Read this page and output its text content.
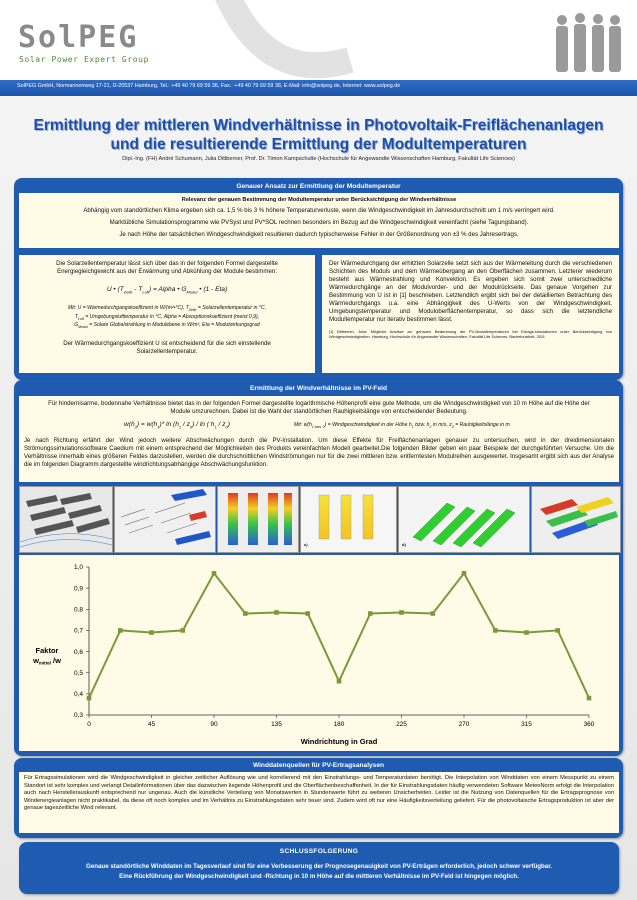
SolPEG
Solar Power Expert Group
SolPEG GmbH, Normannenweg 17-21, D-20537 Hamburg, Tel.: +49 40 79 69 59 36, Fax.: +49 40 79 69 59 38, E-Mail: info@solpeg.de, Internet: www.solpeg.de
Ermittlung der mittleren Windverhältnisse in Photovoltaik-Freiflächenanlagen
und die resultierende Ermittlung der Modultemperaturen
Dipl.-Ing. (FH) André Schumann, Julia Dittberner, Prof. Dr. Timon Kampschulte (Hochschule für Angewandte Wissenschaften Hamburg, Fakultät Life Sciences)
Genauer Ansatz zur Ermittlung der Modultemperatur

Relevanz der genauen Bestimmung der Modultemperatur unter Berücksichtigung der Windverhältnisse

Abhängig vom standörtlichen Klima ergeben sich ca. 1,5 % bis 3 % höhere Temperaturverluste, wenn die Windgeschwindigkeit im Jahresdurchschnitt um 1 m/s verringert wird.

Marktübliche Simulationsprogramme wie PVSyst und PV*SOL rechnen besonders im Bezug auf die Windgeschwindigkeit vereinfacht (siehe Tagungsband).

Je nach Höhe der tatsächlichen Windgeschwindigkeit resultieren dadurch typischerweise Fehler in der Größenordnung von ±3 % des Jahresertrags.

Die Solarzellentemperatur lässt sich über das in der folgenden Formel dargestellte Energiegleichgewicht aus der Erwärmung und Abkühlung der Module bestimmen:

U • $(T_{Zelle} - T_{Luft})$ = Alpha • $G_{Modul}$ • (1 - Eta)

Mit: U = Wärmedurchgangskoeffizient in W/(m²•°C), $T_{Zelle}$ = Solarzellentemperatur in °C,
$T_{Luft}$ = Umgebungslufttemperatur in °C, Alpha = Absorptionskoeffizient (meist 0,9),
$G_{Modul}$ = Solare Globalstrahlung in Modulebene in W/m², Eta = Modulwirkungsgrad

Der Wärmedurchgangskoeffizient U ist entscheidend für die sich einstellende Solarzellentemperatur.

Der Wärmedurchgang der erhitzten Solarzelle setzt sich aus der Wärmeleitung durch die verschiedenen Schichten des Moduls und dem Wärmeübergang an den Oberflächen zusammen. Letzterer wiederum besteht aus Wärmestrahlung und Konvektion. Es ergeben sich somit zwei unterschiedliche Wärmedurchgänge an der Modulvorder- und der Modulrückseite. Das genaue Vorgehen zur Bestimmung von U ist in [1] beschrieben. Letztendlich ergibt sich bei der detaillierten Betrachtung des Wärmedurchgangs u.a. eine Abhängigkeit des U-Werts von der Windgeschwindigkeit, Umgebungstemperatur und Moduloberflächentemperatur, so dass sich die letztendliche Modultemperatur nur iterativ bestimmen lässt.

[1] Dittberner, Julia: Mögliche Ansätze zur genauen Bestimmung der PV-Modultemperaturen bei Ertrags-simulationen unter Berücksichtigung von Windgeschwindigkeiten, Hamburg, Hochschule für Angewandte Wissenschaften, Fakultät Life Sciences, Bachelorarbeit, 2011

Ermittlung der Windverhältnisse im PV-Feld

Für hindernisarme, bodennahe Verhältnisse bietet das in der folgenden Formel dargestellte logarithmische Höhenprofil eine gute Methode, um die Windgeschwindigkeit von 10 m Höhe auf die Höhe der Module umzurechnen. Dabei ist die Wahl der standörtlichen Rauhigkeitslänge von entscheidender Bedeutung.

$w(h_2) = w(h_1)*$ $\ln (h_2 / z_0)$ / ln ( $h_1 / z_0$)	Mit: $w(h_{1 bzw. 2})$ = Windgeschwindigkeit in der Höhe $h_1$ bzw. $h_2$ in m/s, $z_0$ = Rauhigkeitslänge in m

Je nach Richtung erfährt der Wind jedoch weitere Abschwächungen durch die PV-Installation. Um diese Effekte für Freiflächenanlagen genauer zu untersuchen, wird in der dreidimensionalen Strömungssimulationssoftware Caedium mit einem entsprechend der Möglichkeiten des Produkts vereinfachten Modell gearbeitet.Die folgenden Bilder geben ein paar Beispiele der durchgeführten Versuche. Um die Verhältnisse innerhalb eines größeren Feldes darzustellen, werden die durchschnittlichen Windströmungen nur für die zwei mittleren bzw. entferntesten Modulreihen ausgewertet. Insgesamt ergibt sich aus der Analyse die im folgenden Diagramm dargestellte windrichtungsabhängige Abschwächungsfunktion.

c)	d)
0	45	90	135	180	225	270	315	360
0,3
0,4
0,5
0,6
0,7
0,8
0,9
1,0
Windrichtung in Grad
Faktor
$w_{mittel}$ /w
Winddatenquellen für PV-Ertragsanalysen

Für Ertragssimulationen wird die Windgeschwindigkeit in gleicher zeitlicher Auflösung wie und korrelierend mit den Einstrahlungs- und Temperaturdaten benötigt. Die Interpolation von Winddaten von einem Messpunkt zu einem Standort ist sehr komplex und verlangt Detailinformationen über das dazwischen liegende Höhenprofil und die Oberflächenbeschaffenheit. In der für Einstrahlungsdaten häufig verwendeten Software MeteoNorm erfolgt die Interpolation auch nach Herstellerauskunft entsprechend nur ungenau. Auch die künstliche Verteilung von Monatswerten in Stundenwerte führt zu weiteren Unsicherheiten. Leider ist die Nutzung von Datenquellen für die Ertragsprognose von Windenergieanlagen nicht praktikabel, da diese oft noch komplex und im Verhältnis zu Einstrahlungsdaten sehr teuer sind. Zudem wird oft nur eine Häufigkeitsverteilung geliefert. Für die photovoltaische Ertragsproduktion ist aber der genaue tageszeitliche Wind relevant.

SCHLUSSFOLGERUNG
Genaue standörtliche Winddaten im Tagesverlauf sind für eine Verbesserung der Prognosegenauigkeit von PV-Erträgen erforderlich, jedoch schwer verfügbar.
Eine Rückführung der Windgeschwindigkeit und -Richtung in 10 m Höhe auf die mittleren Verhältnisse im PV-Feld ist hingegen möglich.
